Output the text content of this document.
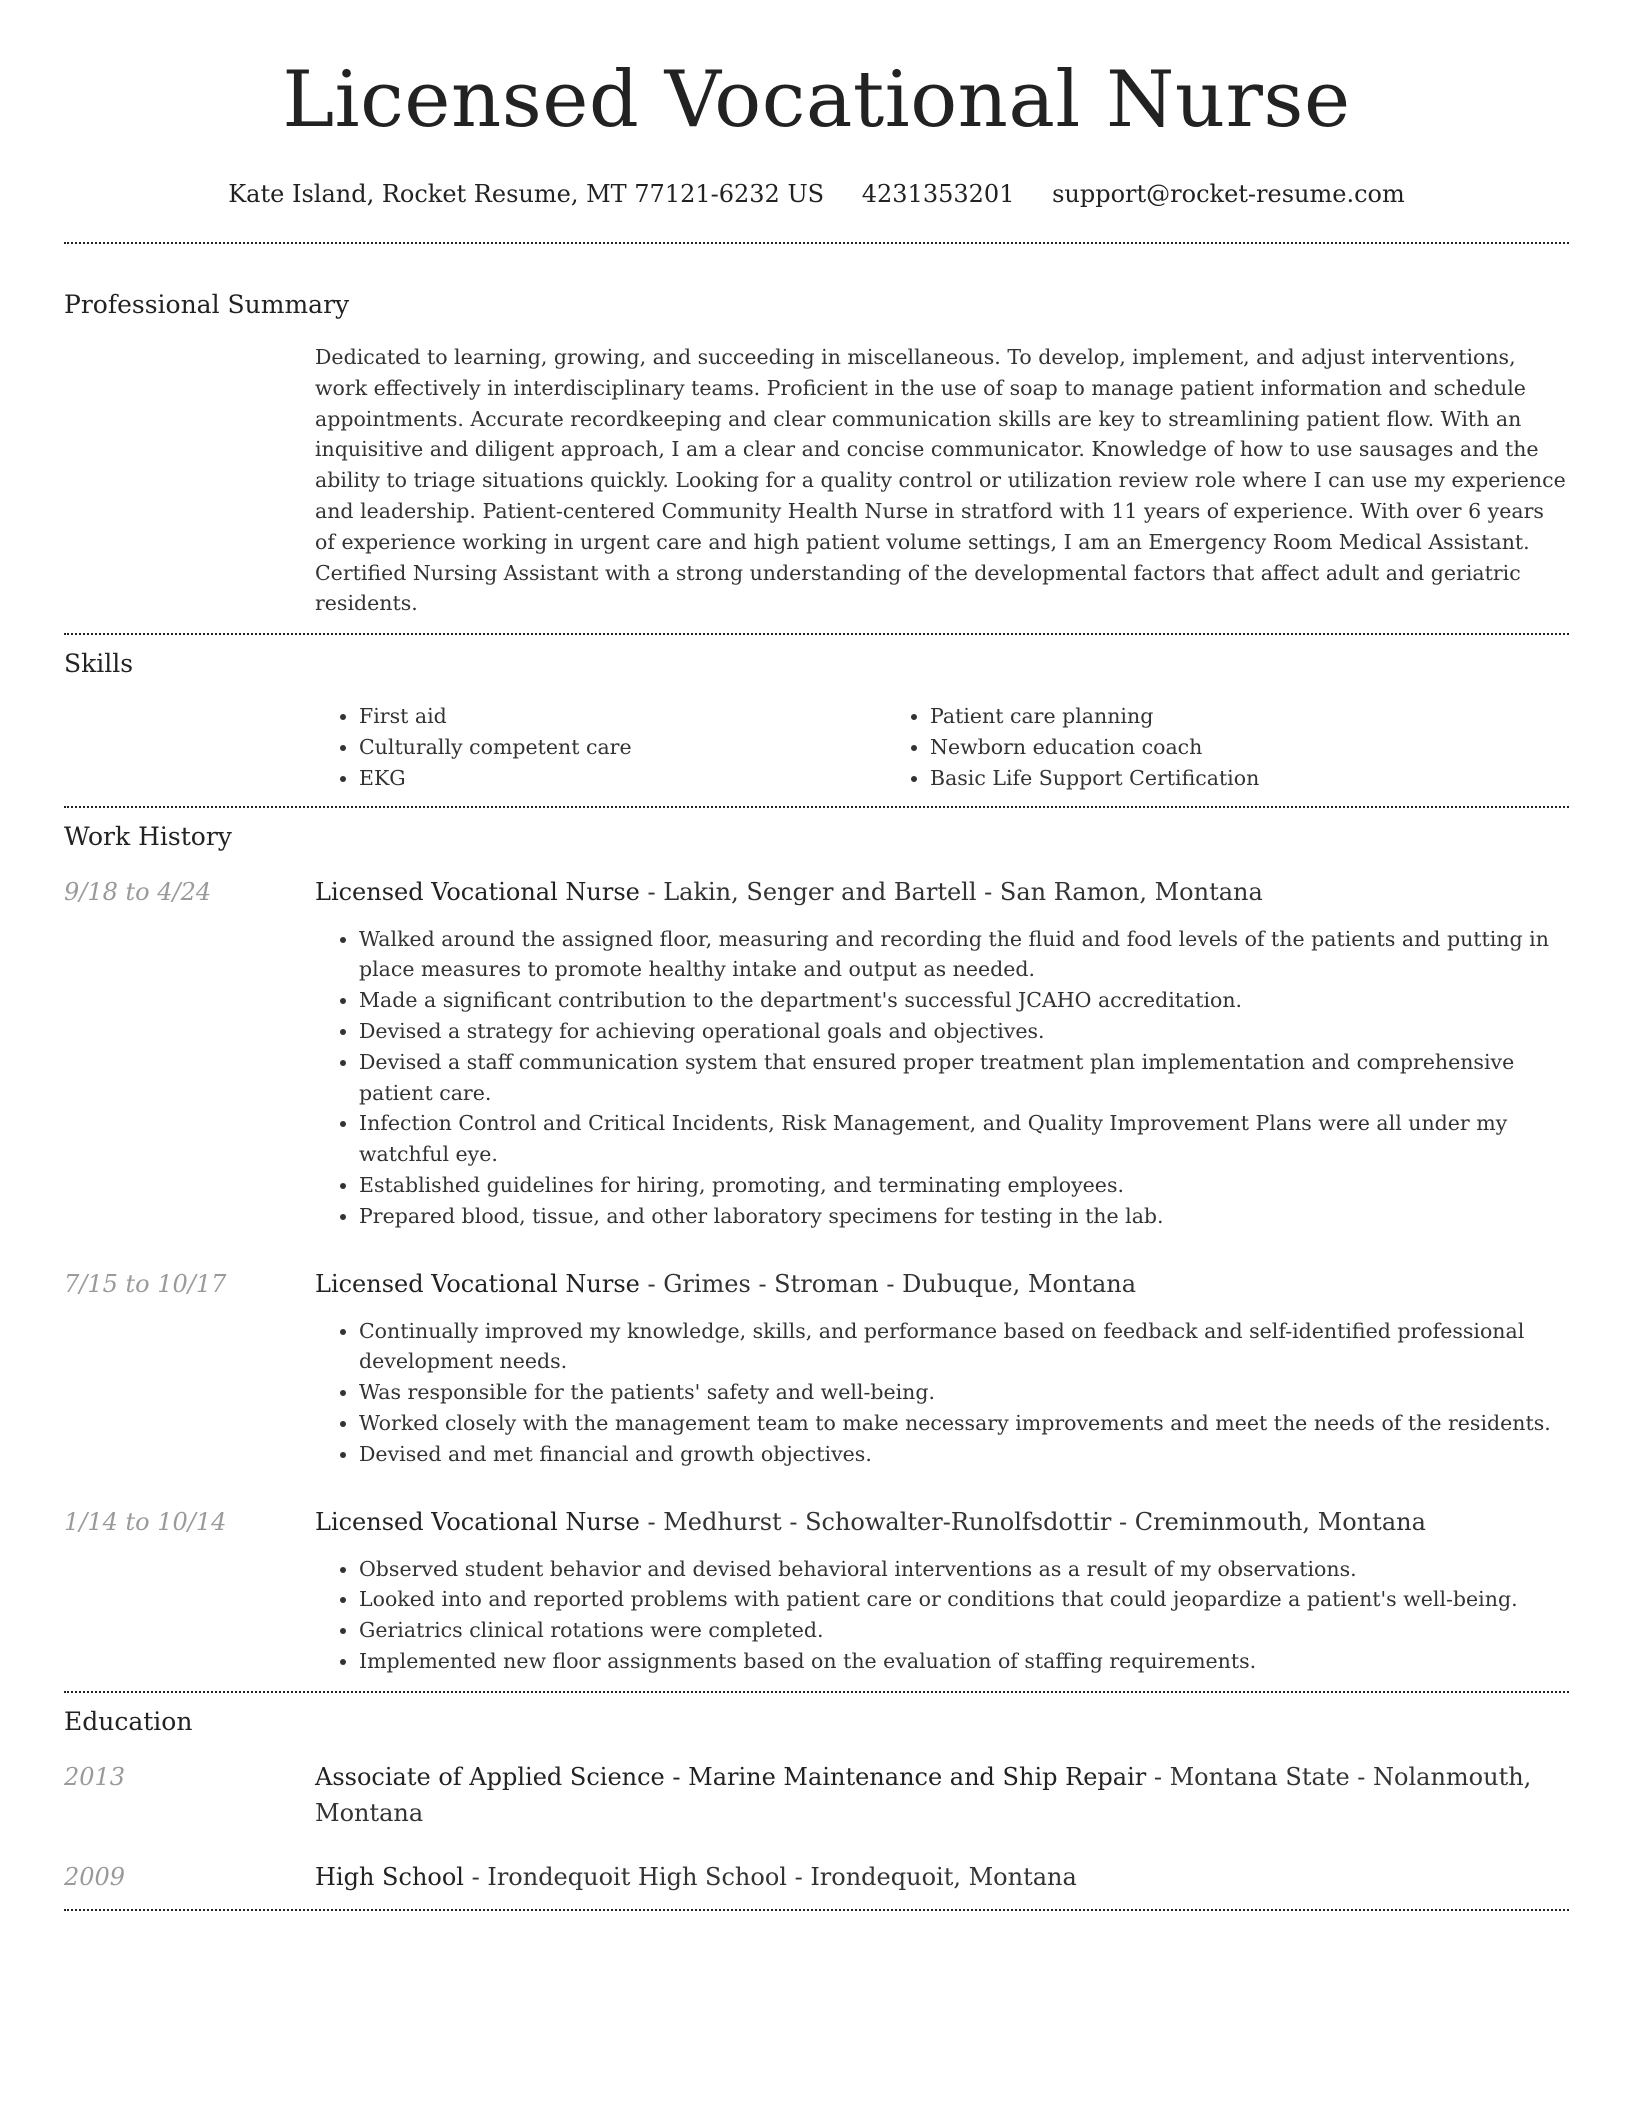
Licensed Vocational Nurse
Kate Island, Rocket Resume, MT 77121-6232 US 4231353201 support@rocket-resume.com
Professional Summary
Dedicated to learning, growing, and succeeding in miscellaneous. To develop, implement, and adjust interventions, work effectively in interdisciplinary teams. Proficient in the use of soap to manage patient information and schedule appointments. Accurate recordkeeping and clear communication skills are key to streamlining patient flow. With an inquisitive and diligent approach, I am a clear and concise communicator. Knowledge of how to use sausages and the ability to triage situations quickly. Looking for a quality control or utilization review role where I can use my experience and leadership. Patient-centered Community Health Nurse in stratford with 11 years of experience. With over 6 years of experience working in urgent care and high patient volume settings, I am an Emergency Room Medical Assistant. Certified Nursing Assistant with a strong understanding of the developmental factors that affect adult and geriatric residents.
Skills
• First aid
• Culturally competent care
• EKG
• Patient care planning
• Newborn education coach
• Basic Life Support Certification
Work History
9/18 to 4/24	Licensed Vocational Nurse - Lakin, Senger and Bartell - San Ramon, Montana
• Walked around the assigned floor, measuring and recording the fluid and food levels of the patients and putting in place measures to promote healthy intake and output as needed.
• Made a significant contribution to the department's successful JCAHO accreditation.
• Devised a strategy for achieving operational goals and objectives.
• Devised a staff communication system that ensured proper treatment plan implementation and comprehensive patient care.
• Infection Control and Critical Incidents, Risk Management, and Quality Improvement Plans were all under my watchful eye.
• Established guidelines for hiring, promoting, and terminating employees.
• Prepared blood, tissue, and other laboratory specimens for testing in the lab.
7/15 to 10/17	Licensed Vocational Nurse - Grimes - Stroman - Dubuque, Montana
• Continually improved my knowledge, skills, and performance based on feedback and self-identified professional development needs.
• Was responsible for the patients' safety and well-being.
• Worked closely with the management team to make necessary improvements and meet the needs of the residents.
• Devised and met financial and growth objectives.
1/14 to 10/14	Licensed Vocational Nurse - Medhurst - Schowalter-Runolfsdottir - Creminmouth, Montana
• Observed student behavior and devised behavioral interventions as a result of my observations.
• Looked into and reported problems with patient care or conditions that could jeopardize a patient's well-being.
• Geriatrics clinical rotations were completed.
• Implemented new floor assignments based on the evaluation of staffing requirements.
Education
2013	Associate of Applied Science - Marine Maintenance and Ship Repair - Montana State - Nolanmouth, Montana
2009	High School - Irondequoit High School - Irondequoit, Montana
